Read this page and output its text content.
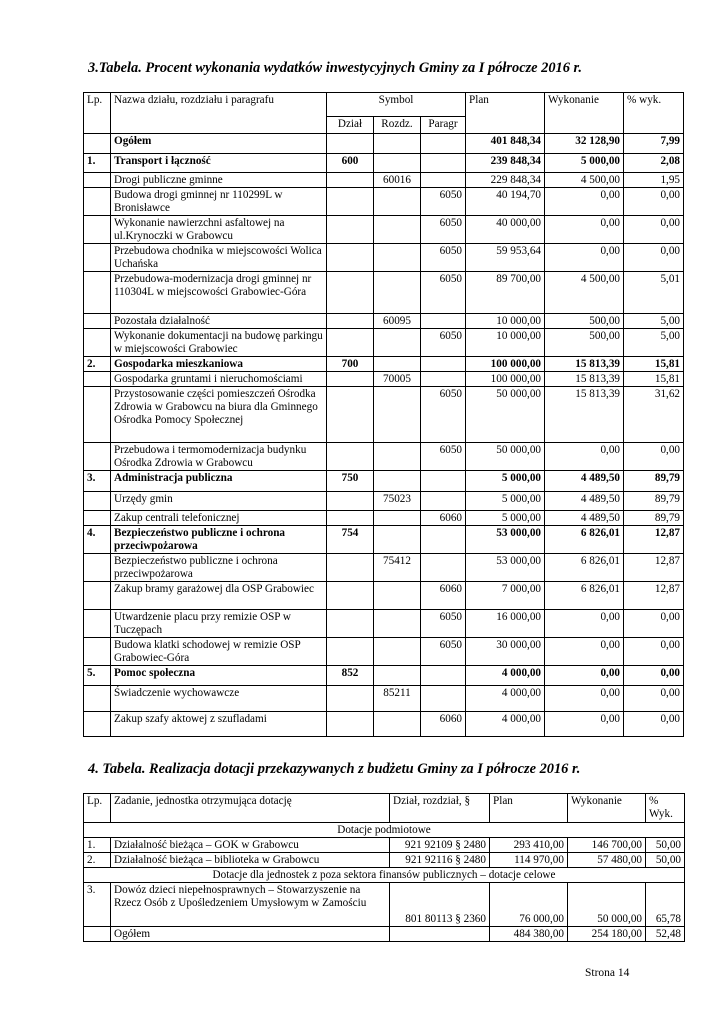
3.Tabela. Procent wykonania wydatków inwestycyjnych Gminy za I półrocze 2016 r.

Lp.	Nazwa działu, rozdziału i paragrafu	Symbol			Plan	Wykonanie	% wyk.
		Dział	Rozdz.	Paragr			
	Ogółem				401 848,34	32 128,90	7,99
1.	Transport i łączność	600			239 848,34	5 000,00	2,08
	Drogi publiczne gminne		60016		229 848,34	4 500,00	1,95
	Budowa drogi gminnej nr 110299L w Bronisławce			6050	40 194,70	0,00	0,00
	Wykonanie nawierzchni asfaltowej na ul.Krynoczki w Grabowcu			6050	40 000,00	0,00	0,00
	Przebudowa chodnika w miejscowości Wolica Uchańska			6050	59 953,64	0,00	0,00
	Przebudowa-modernizacja drogi gminnej nr 110304L w miejscowości Grabowiec-Góra			6050	89 700,00	4 500,00	5,01
	Pozostała działalność		60095		10 000,00	500,00	5,00
	Wykonanie dokumentacji na budowę parkingu w miejscowości Grabowiec			6050	10 000,00	500,00	5,00
2.	Gospodarka mieszkaniowa	700			100 000,00	15 813,39	15,81
	Gospodarka gruntami i nieruchomościami		70005		100 000,00	15 813,39	15,81
	Przystosowanie części pomieszczeń Ośrodka Zdrowia w Grabowcu na biura dla Gminnego Ośrodka Pomocy Społecznej			6050	50 000,00	15 813,39	31,62
	Przebudowa i termomodernizacja budynku Ośrodka Zdrowia w Grabowcu			6050	50 000,00	0,00	0,00
3.	Administracja publiczna	750			5 000,00	4 489,50	89,79
	Urzędy gmin		75023		5 000,00	4 489,50	89,79
	Zakup centrali telefonicznej			6060	5 000,00	4 489,50	89,79
4.	Bezpieczeństwo publiczne i ochrona przeciwpożarowa	754			53 000,00	6 826,01	12,87
	Bezpieczeństwo publiczne i ochrona przeciwpożarowa		75412		53 000,00	6 826,01	12,87
	Zakup bramy garażowej dla OSP Grabowiec			6060	7 000,00	6 826,01	12,87
	Utwardzenie placu przy remizie OSP w Tuczępach			6050	16 000,00	0,00	0,00
	Budowa klatki schodowej w remizie OSP Grabowiec-Góra			6050	30 000,00	0,00	0,00
5.	Pomoc społeczna	852			4 000,00	0,00	0,00
	Świadczenie wychowawcze		85211		4 000,00	0,00	0,00
	Zakup szafy aktowej z szufladami			6060	4 000,00	0,00	0,00

4. Tabela. Realizacja dotacji przekazywanych z budżetu Gminy za I półrocze 2016 r.

Lp.	Zadanie, jednostka otrzymująca dotację	Dział, rozdział, §	Plan	Wykonanie	% Wyk.
Dotacje podmiotowe					
1.	Działalność bieżąca – GOK w Grabowcu	921 92109 § 2480	293 410,00	146 700,00	50,00
2.	Działalność bieżąca – biblioteka w Grabowcu	921 92116 § 2480	114 970,00	57 480,00	50,00
Dotacje dla jednostek z poza sektora finansów publicznych – dotacje celowe					
3.	Dowóz dzieci niepełnosprawnych – Stowarzyszenie na Rzecz Osób z Upośledzeniem Umysłowym w Zamościu	801 80113 § 2360	76 000,00	50 000,00	65,78
	Ogółem		484 380,00	254 180,00	52,48
Strona 14
